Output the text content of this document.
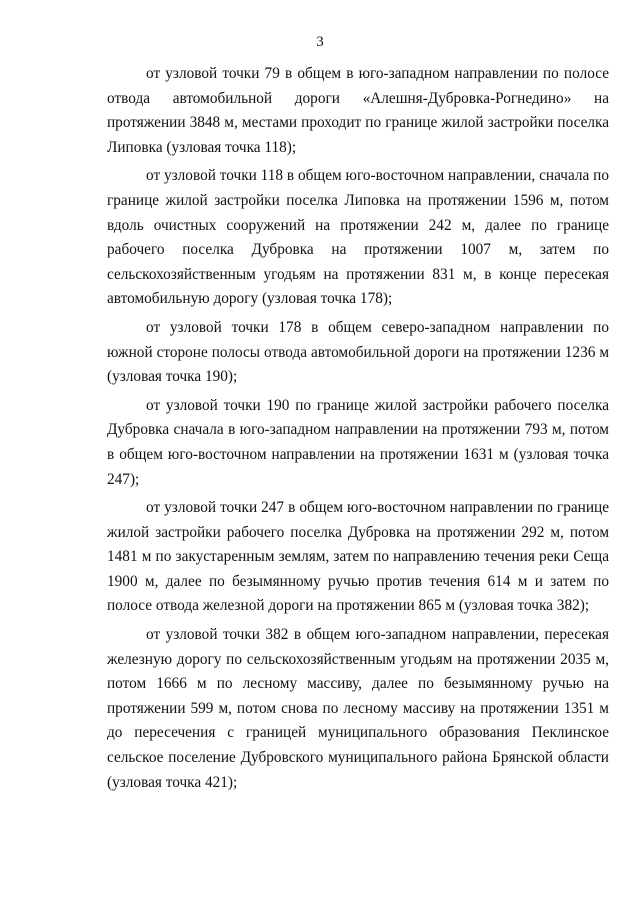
3

от узловой точки 79 в общем в юго-западном направлении по полосе отвода автомобильной дороги «Алешня-Дубровка-Рогнедино» на протяжении 3848 м, местами проходит по границе жилой застройки поселка Липовка (узловая точка 118);

от узловой точки 118 в общем юго-восточном направлении, сначала по границе жилой застройки поселка Липовка на протяжении 1596 м, потом вдоль очистных сооружений на протяжении 242 м, далее по границе рабочего поселка Дубровка на протяжении 1007 м, затем по сельскохозяйственным угодьям на протяжении 831 м, в конце пересекая автомобильную дорогу (узловая точка 178);

от узловой точки 178 в общем северо-западном направлении по южной стороне полосы отвода автомобильной дороги на протяжении 1236 м (узловая точка 190);

от узловой точки 190 по границе жилой застройки рабочего поселка Дубровка сначала в юго-западном направлении на протяжении 793 м, потом в общем юго-восточном направлении на протяжении 1631 м (узловая точка 247);

от узловой точки 247 в общем юго-восточном направлении по границе жилой застройки рабочего поселка Дубровка на протяжении 292 м, потом 1481 м по закустаренным землям, затем по направлению течения реки Сеща 1900 м, далее по безымянному ручью против течения 614 м и затем по полосе отвода железной дороги на протяжении 865 м (узловая точка 382);

от узловой точки 382 в общем юго-западном направлении, пересекая железную дорогу по сельскохозяйственным угодьям на протяжении 2035 м, потом 1666 м по лесному массиву, далее по безымянному ручью на протяжении 599 м, потом снова по лесному массиву на протяжении 1351 м до пересечения с границей муниципального образования Пеклинское сельское поселение Дубровского муниципального района Брянской области (узловая точка 421);
